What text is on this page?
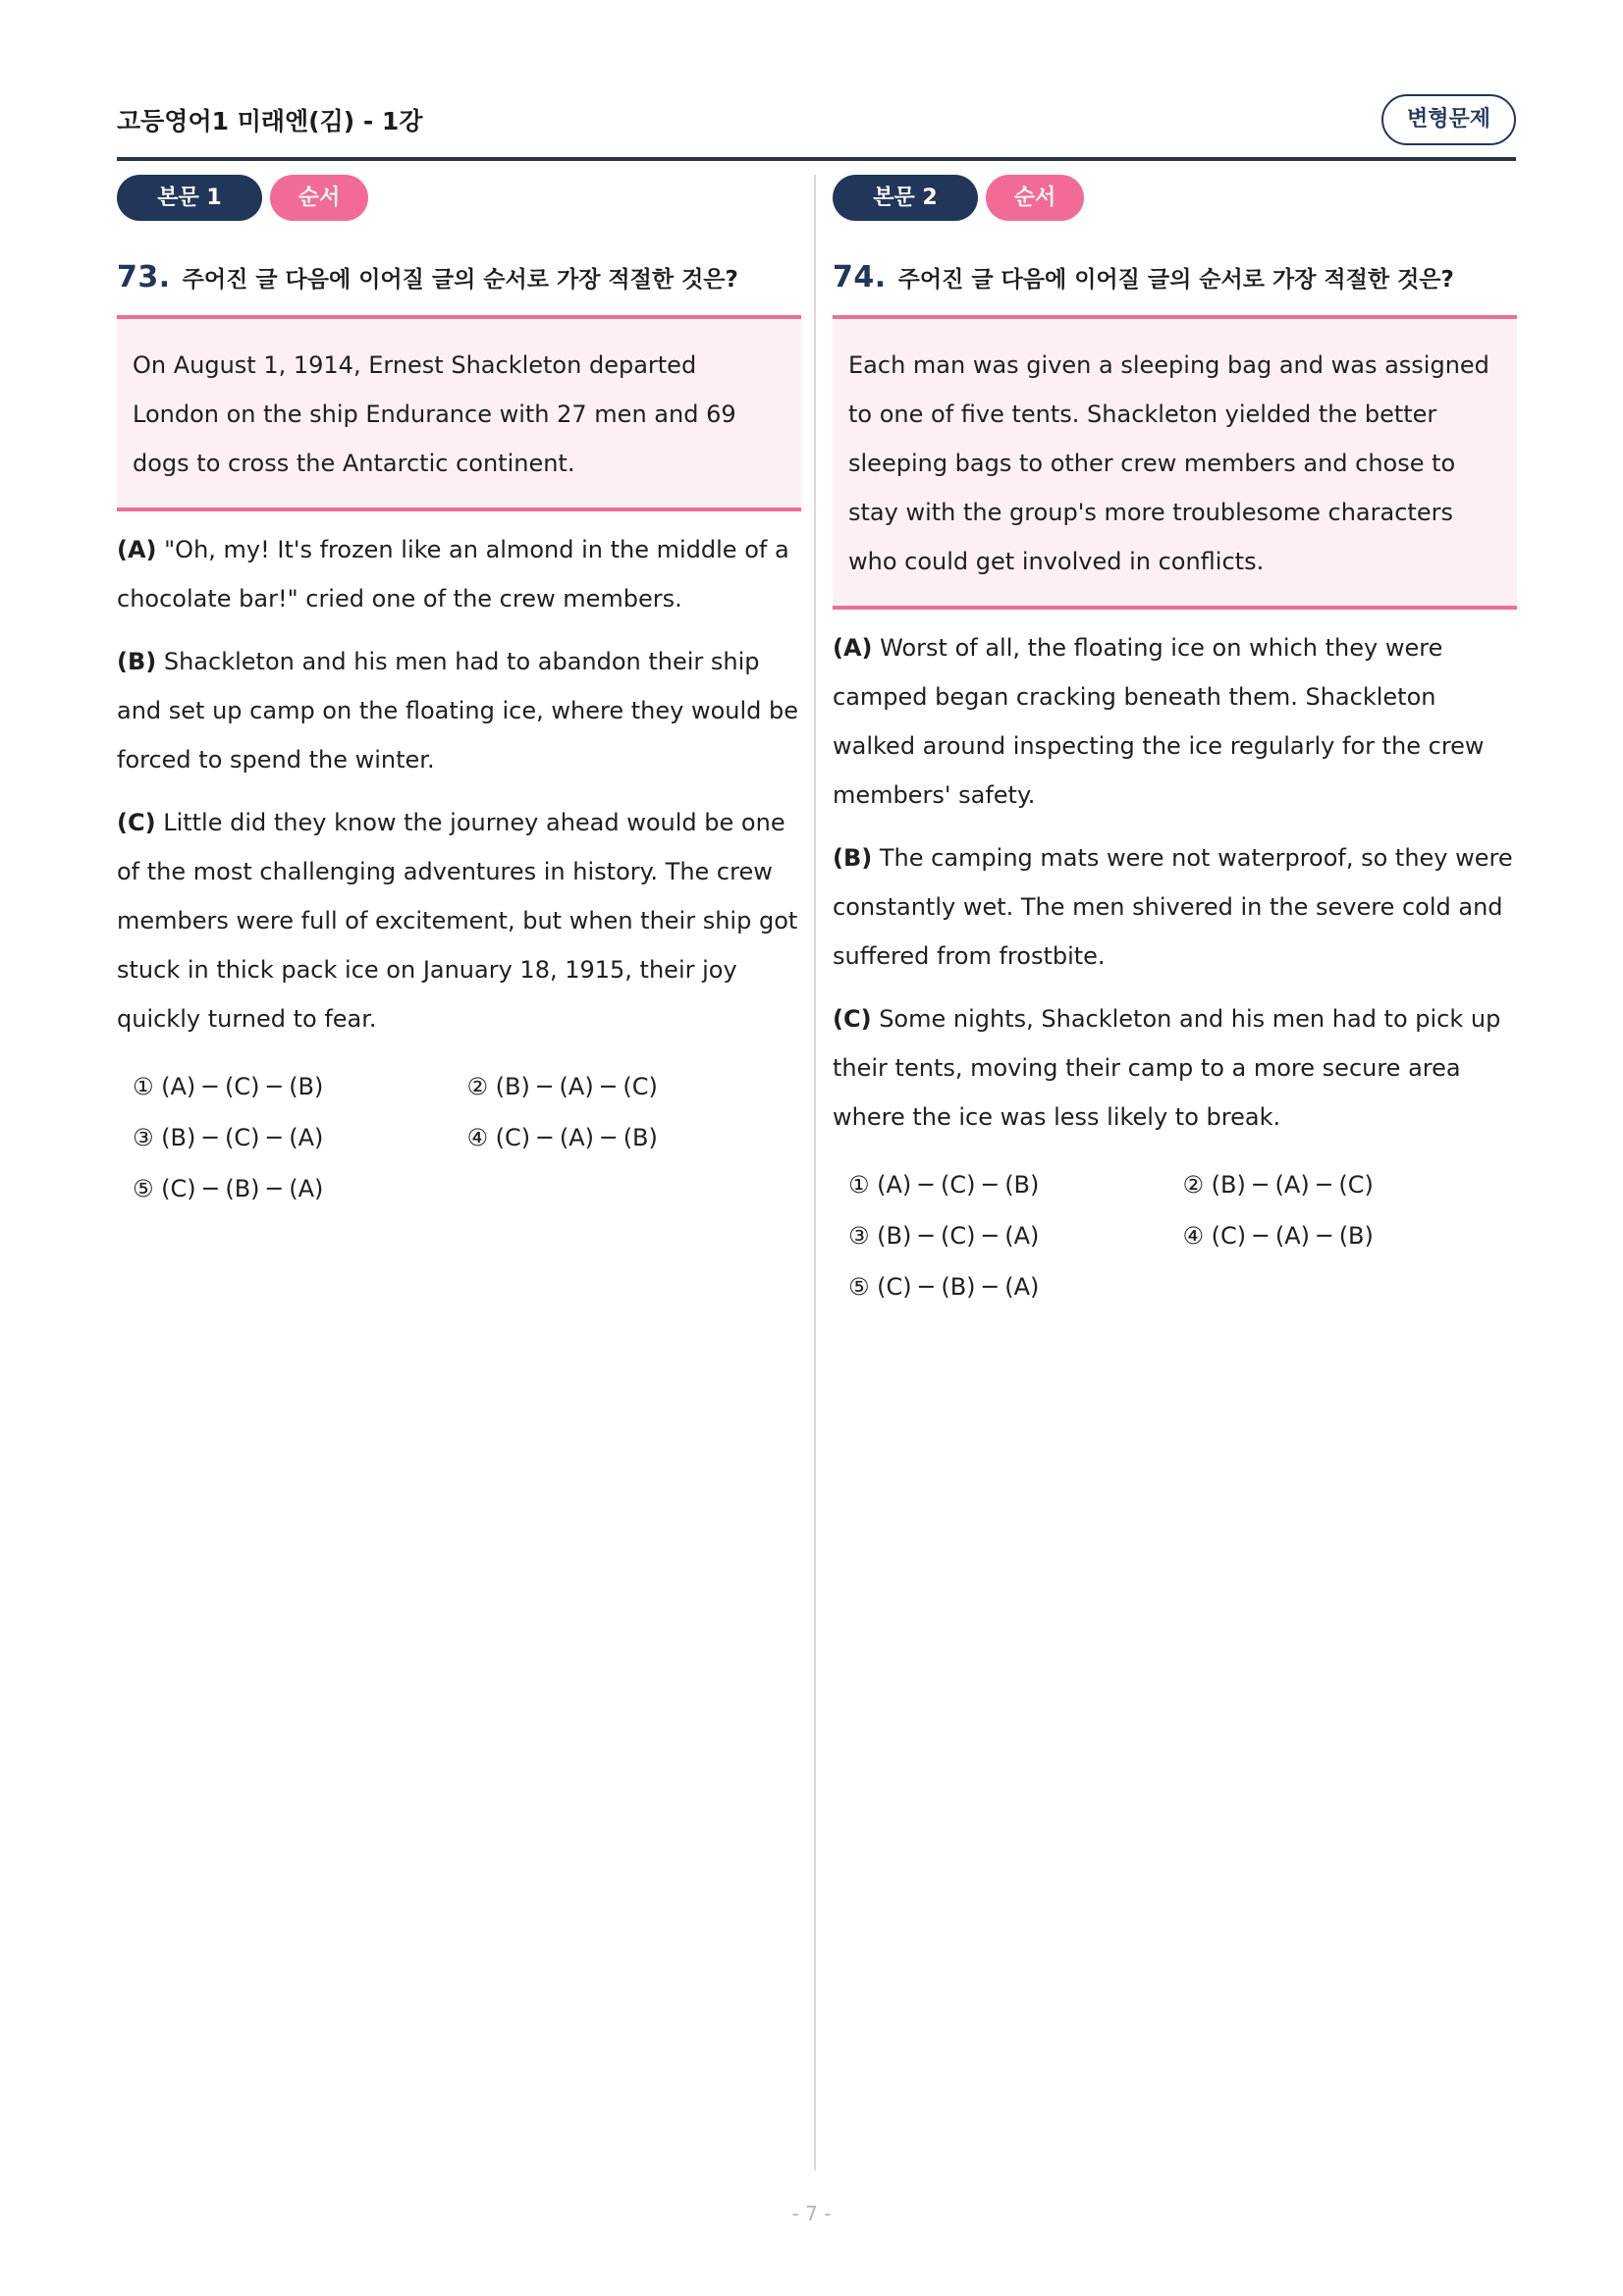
고등영어1 미래엔(김) - 1강	변형문제
본문 1	순서
73. 주어진 글 다음에 이어질 글의 순서로 가장 적절한 것은?
On August 1, 1914, Ernest Shackleton departed London on the ship Endurance with 27 men and 69 dogs to cross the Antarctic continent.
(A) "Oh, my! It's frozen like an almond in the middle of a chocolate bar!" cried one of the crew members.
(B) Shackleton and his men had to abandon their ship and set up camp on the floating ice, where they would be forced to spend the winter.
(C) Little did they know the journey ahead would be one of the most challenging adventures in history. The crew members were full of excitement, but when their ship got stuck in thick pack ice on January 18, 1915, their joy quickly turned to fear.
① (A) ─ (C) ─ (B)	② (B) ─ (A) ─ (C)
③ (B) ─ (C) ─ (A)	④ (C) ─ (A) ─ (B)
⑤ (C) ─ (B) ─ (A)
본문 2	순서
74. 주어진 글 다음에 이어질 글의 순서로 가장 적절한 것은?
Each man was given a sleeping bag and was assigned to one of five tents. Shackleton yielded the better sleeping bags to other crew members and chose to stay with the group's more troublesome characters who could get involved in conflicts.
(A) Worst of all, the floating ice on which they were camped began cracking beneath them. Shackleton walked around inspecting the ice regularly for the crew members' safety.
(B) The camping mats were not waterproof, so they were constantly wet. The men shivered in the severe cold and suffered from frostbite.
(C) Some nights, Shackleton and his men had to pick up their tents, moving their camp to a more secure area where the ice was less likely to break.
① (A) ─ (C) ─ (B)	② (B) ─ (A) ─ (C)
③ (B) ─ (C) ─ (A)	④ (C) ─ (A) ─ (B)
⑤ (C) ─ (B) ─ (A)
- 7 -
